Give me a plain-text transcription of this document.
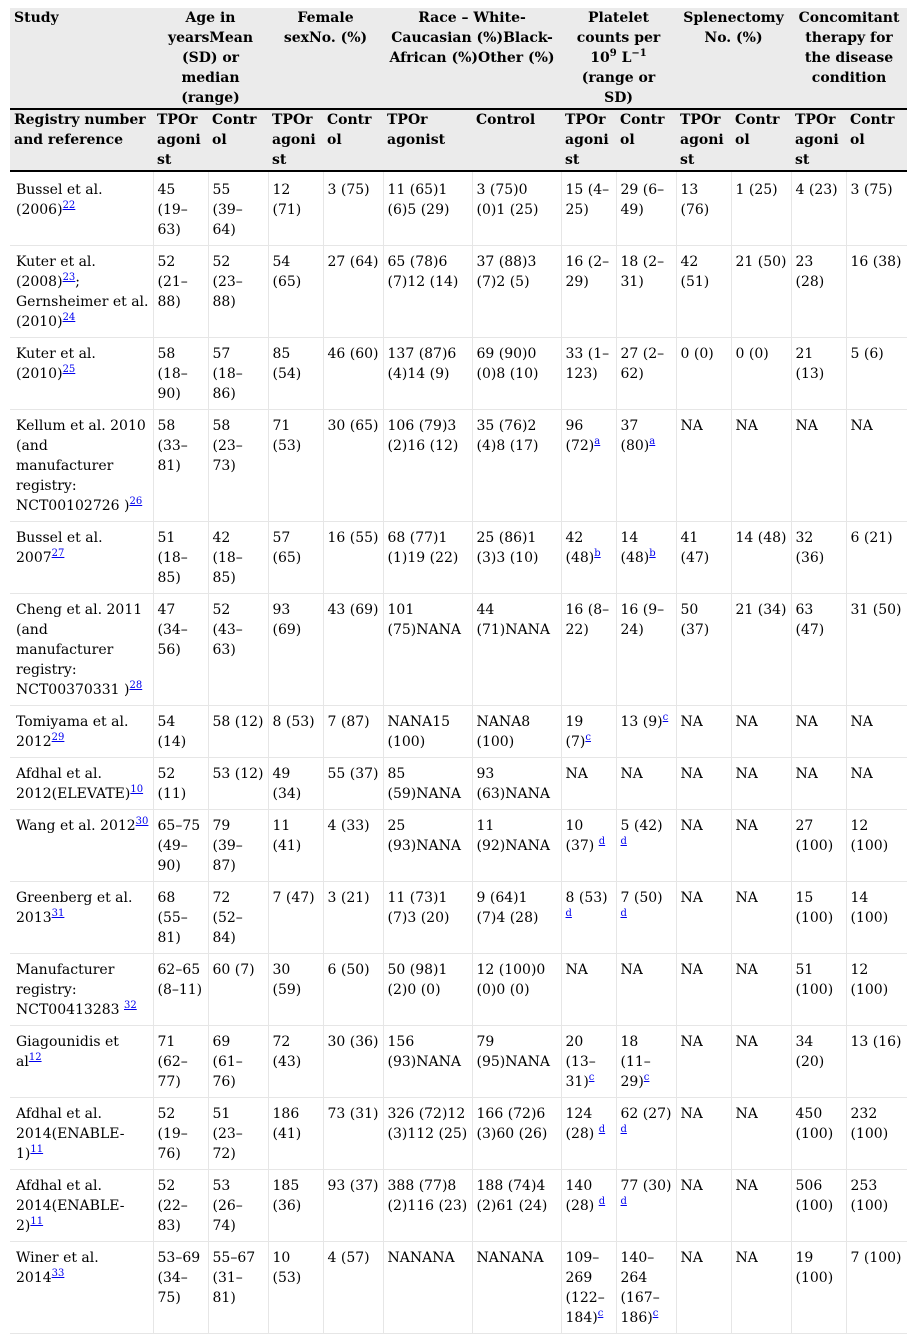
Study	Age in yearsMean (SD) or median (range)		Female sexNo. (%)		Race – White-Caucasian (%)Black-African (%)Other (%)		Platelet counts per $10^9$ $L^{-1}$ (range or SD)		SplenectomyNo. (%)		Concomitant therapy for the disease condition	
Registry number and reference	TPOr agonist	Control	TPOr agonist	Control	TPOr agonist	Control	TPOr agonist	Control	TPOr agonist	Control	TPOr agonist	Control
Bussel et al. $(2006)^{22}$	45 (19–63)	55 (39–64)	12 (71)	3 (75)	11 (65)1 (6)5 (29)	3 (75)0 (0)1 (25)	15 (4–25)	29 (6–49)	13 (76)	1 (25)	4 (23)	3 (75)
Kuter et al. $(2008)^{23}$; Gernsheimer et al. $(2010)^{24}$	52 (21–88)	52 (23–88)	54 (65)	27 (64)	65 (78)6 (7)12 (14)	37 (88)3 (7)2 (5)	16 (2–29)	18 (2–31)	42 (51)	21 (50)	23 (28)	16 (38)
Kuter et al. $(2010)^{25}$	58 (18–90)	57 (18–86)	85 (54)	46 (60)	137 (87)6 (4)14 (9)	69 (90)0 (0)8 (10)	33 (1–123)	27 (2–62)	0 (0)	0 (0)	21 (13)	5 (6)
Kellum et al. 2010 (and manufacturer registry: NCT00102726 )$^{26}$	58 (33–81)	58 (23–73)	71 (53)	30 (65)	106 (79)3 (2)16 (12)	35 (76)2 (4)8 (17)	96 $(72)^a$	37 $(80)^a$	NA	NA	NA	NA
Bussel et al. 2007$^{27}$	51 (18–85)	42 (18–85)	57 (65)	16 (55)	68 (77)1 (1)19 (22)	25 (86)1 (3)3 (10)	42 $(48)^b$	14 $(48)^b$	41 (47)	14 (48)	32 (36)	6 (21)
Cheng et al. 2011 (and manufacturer registry: NCT00370331 )$^{28}$	47 (34–56)	52 (43–63)	93 (69)	43 (69)	101 (75)NANA	44 (71)NANA	16 (8–22)	16 (9–24)	50 (37)	21 (34)	63 (47)	31 (50)
Tomiyama et al. 2012$^{29}$	54 (14)	58 (12)	8 (53)	7 (87)	NANA15 (100)	NANA8 (100)	19 $(7)^c$	13 $(9)^c$	NA	NA	NA	NA
Afdhal et al. 2012(ELEVATE)$^{10}$	52 (11)	53 (12)	49 (34)	55 (37)	85 (59)NANA	93 (63)NANA	NA	NA	NA	NA	NA	NA
Wang et al. 2012$^{30}$	65–75 (49–90)	79 (39–87)	11 (41)	4 (33)	25 (93)NANA	11 (92)NANA	10 (37) $^d$	5 (42) $^d$	NA	NA	27 (100)	12 (100)
Greenberg et al. 2013$^{31}$	68 (55–81)	72 (52–84)	7 (47)	3 (21)	11 (73)1 (7)3 (20)	9 (64)1 (7)4 (28)	8 (53) $^d$	7 (50) $^d$	NA	NA	15 (100)	14 (100)
Manufacturer registry: NCT00413283 $^{32}$	62–65 (8–11)	60 (7)	30 (59)	6 (50)	50 (98)1 (2)0 (0)	12 (100)0 (0)0 (0)	NA	NA	NA	NA	51 (100)	12 (100)
Giagounidis et $al^{12}$	71 (62–77)	69 (61–76)	72 (43)	30 (36)	156 (93)NANA	79 (95)NANA	20 $(13-31)^c$	18 $(11-29)^c$	NA	NA	34 (20)	13 (16)
Afdhal et al. 2014(ENABLE-1)$^{11}$	52 (19–76)	51 (23–72)	186 (41)	73 (31)	326 (72)12 (3)112 (25)	166 (72)6 (3)60 (26)	124 (28) $^d$	62 (27) $^d$	NA	NA	450 (100)	232 (100)
Afdhal et al. 2014(ENABLE-2)$^{11}$	52 (22–83)	53 (26–74)	185 (36)	93 (37)	388 (77)8 (2)116 (23)	188 (74)4 (2)61 (24)	140 (28) $^d$	77 (30) $^d$	NA	NA	506 (100)	253 (100)
Winer et al. 2014$^{33}$	53–69 (34–75)	55–67 (31–81)	10 (53)	4 (57)	NANANA	NANANA	109–269 $(122-184)^c$	140–264 $(167-186)^c$	NA	NA	19 (100)	7 (100)
